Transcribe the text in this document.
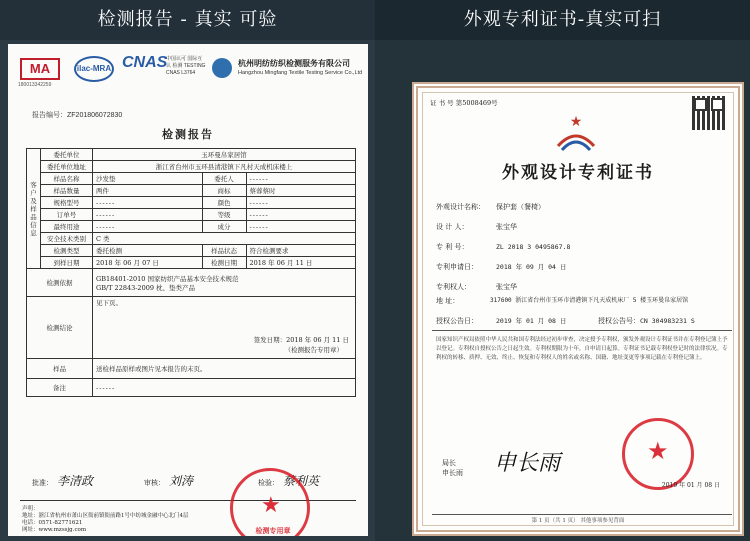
检测报告 - 真实 可验
MA
180013342259
ilac-MRA CNAS
中国认可 国际互认 检测 TESTING CNAS L3764
杭州明纺纺织检测服务有限公司
Hangzhou Mingfang Textile Testing Service Co.,Ltd
报告编号：ZF201806072830
检测报告
客户及样品信息	委托单位	玉环曼帛家居馆		
	委托单位地址	浙江省台州市玉环县清港镇下凡村天成机床楼上		
	样品名称	沙发垫	委托人	------
	样品数量	两件	商标	蔡蓉蔡时
	规格型号	------	颜色	------
	订单号	------	等级	------
	最终用途	------	成分	------
	安全技术类别	C 类		
	检测类型	委托检测	样品状态	符合检测要求
	到样日期	2018 年 06 月 07 日	检测日期	2018 年 06 月 11 日
检测依据		GB18401-2010 国家纺织产品基本安全技术规范
GB/T 22843-2009 枕、垫类产品		

检测结论		见下页。
签发日期：2018 年 06 月 11 日
（检测报告专用章）		

样品		送检样品原样或图片见本报告的末页。		
备注		------		
批准： 李清政	审核： 刘涛	检验： 蔡利英
声明：
地址：浙江省杭州市萧山区衙前镇衙前路1号中纺城金融中心北门4层
电话：0571-82771621
网址：www.mzssjg.com
★
检测专用章
外观专利证书-真实可扫
证 书 号 第5008469号
★
外观设计专利证书
外观设计名称： 保护套（餐椅）
设 计 人：	张宝华
专 利 号：	ZL 2018 3 0495867.8
专利申请日：	2018 年 09 月 04 日
专利权人：	张宝华
地 址：	317600 浙江省台州市玉环市清港镇下凡天成机床厂 5 楼玉环曼帛家居馆
授权公告日：	2019 年 01 月 08 日	授权公告号：CN 304983231 S
国家知识产权局依照中华人民共和国专利法经过初步审查，决定授予专利权，颁发外观设计专利证书并在专利登记簿上予以登记。专利权自授权公告之日起生效。专利权期限为十年，自申请日起算。专利证书记载专利权登记时的法律状况。专利权的转移、质押、无效、终止、恢复和专利权人的姓名或名称、国籍、地址变更等事项记载在专利登记簿上。
局长
申长雨 申长雨	★
2019 年 01 月 08 日
第 1 页（共 1 页） 其他事项参见背面
